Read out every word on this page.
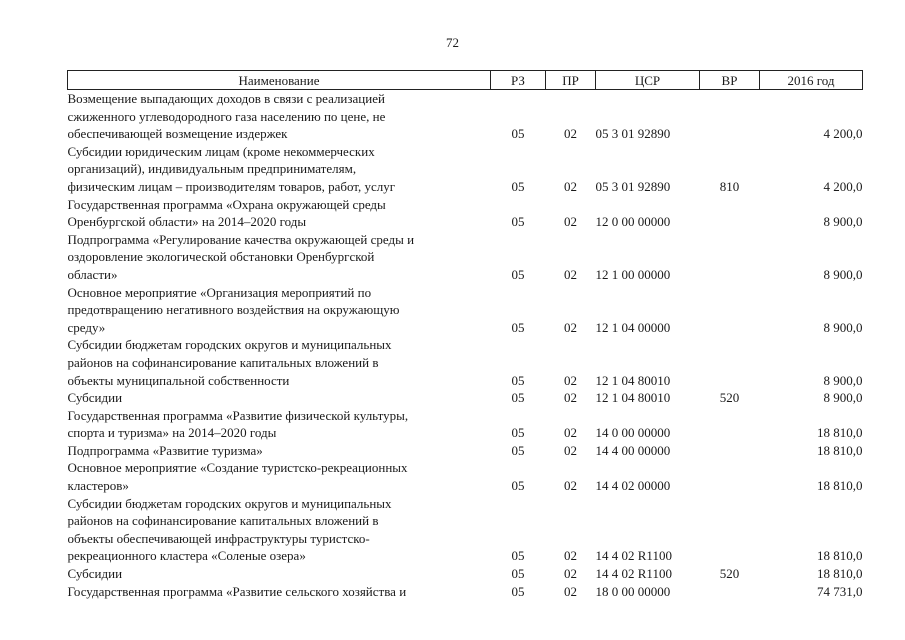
72
Наименование	РЗ	ПР	ЦСР	ВР	2016 год

Возмещение выпадающих доходов в связи с реализацией
сжиженного углеводородного газа населению по цене, не
обеспечивающей возмещение издержек	05	02	05 3 01 92890		4 200,0

Субсидии юридическим лицам (кроме некоммерческих
организаций), индивидуальным предпринимателям,
физическим лицам – производителям товаров, работ, услуг	05	02	05 3 01 92890	810	4 200,0

Государственная программа «Охрана окружающей среды
Оренбургской области» на 2014–2020 годы	05	02	12 0 00 00000		8 900,0

Подпрограмма «Регулирование качества окружающей среды и
оздоровление экологической обстановки Оренбургской
области»	05	02	12 1 00 00000		8 900,0

Основное мероприятие «Организация мероприятий по
предотвращению негативного воздействия на окружающую
среду»	05	02	12 1 04 00000		8 900,0

Субсидии бюджетам городских округов и муниципальных
районов на софинансирование капитальных вложений в
объекты муниципальной собственности	05	02	12 1 04 80010		8 900,0

Субсидии	05	02	12 1 04 80010	520	8 900,0

Государственная программа «Развитие физической культуры,
спорта и туризма» на 2014–2020 годы	05	02	14 0 00 00000		18 810,0

Подпрограмма «Развитие туризма»	05	02	14 4 00 00000		18 810,0

Основное мероприятие «Создание туристско-рекреационных
кластеров»	05	02	14 4 02 00000		18 810,0

Субсидии бюджетам городских округов и муниципальных
районов на софинансирование капитальных вложений в
объекты обеспечивающей инфраструктуры туристско-
рекреационного кластера «Соленые озера»	05	02	14 4 02 R1100		18 810,0

Субсидии	05	02	14 4 02 R1100	520	18 810,0

Государственная программа «Развитие сельского хозяйства и	05	02	18 0 00 00000		74 731,0
